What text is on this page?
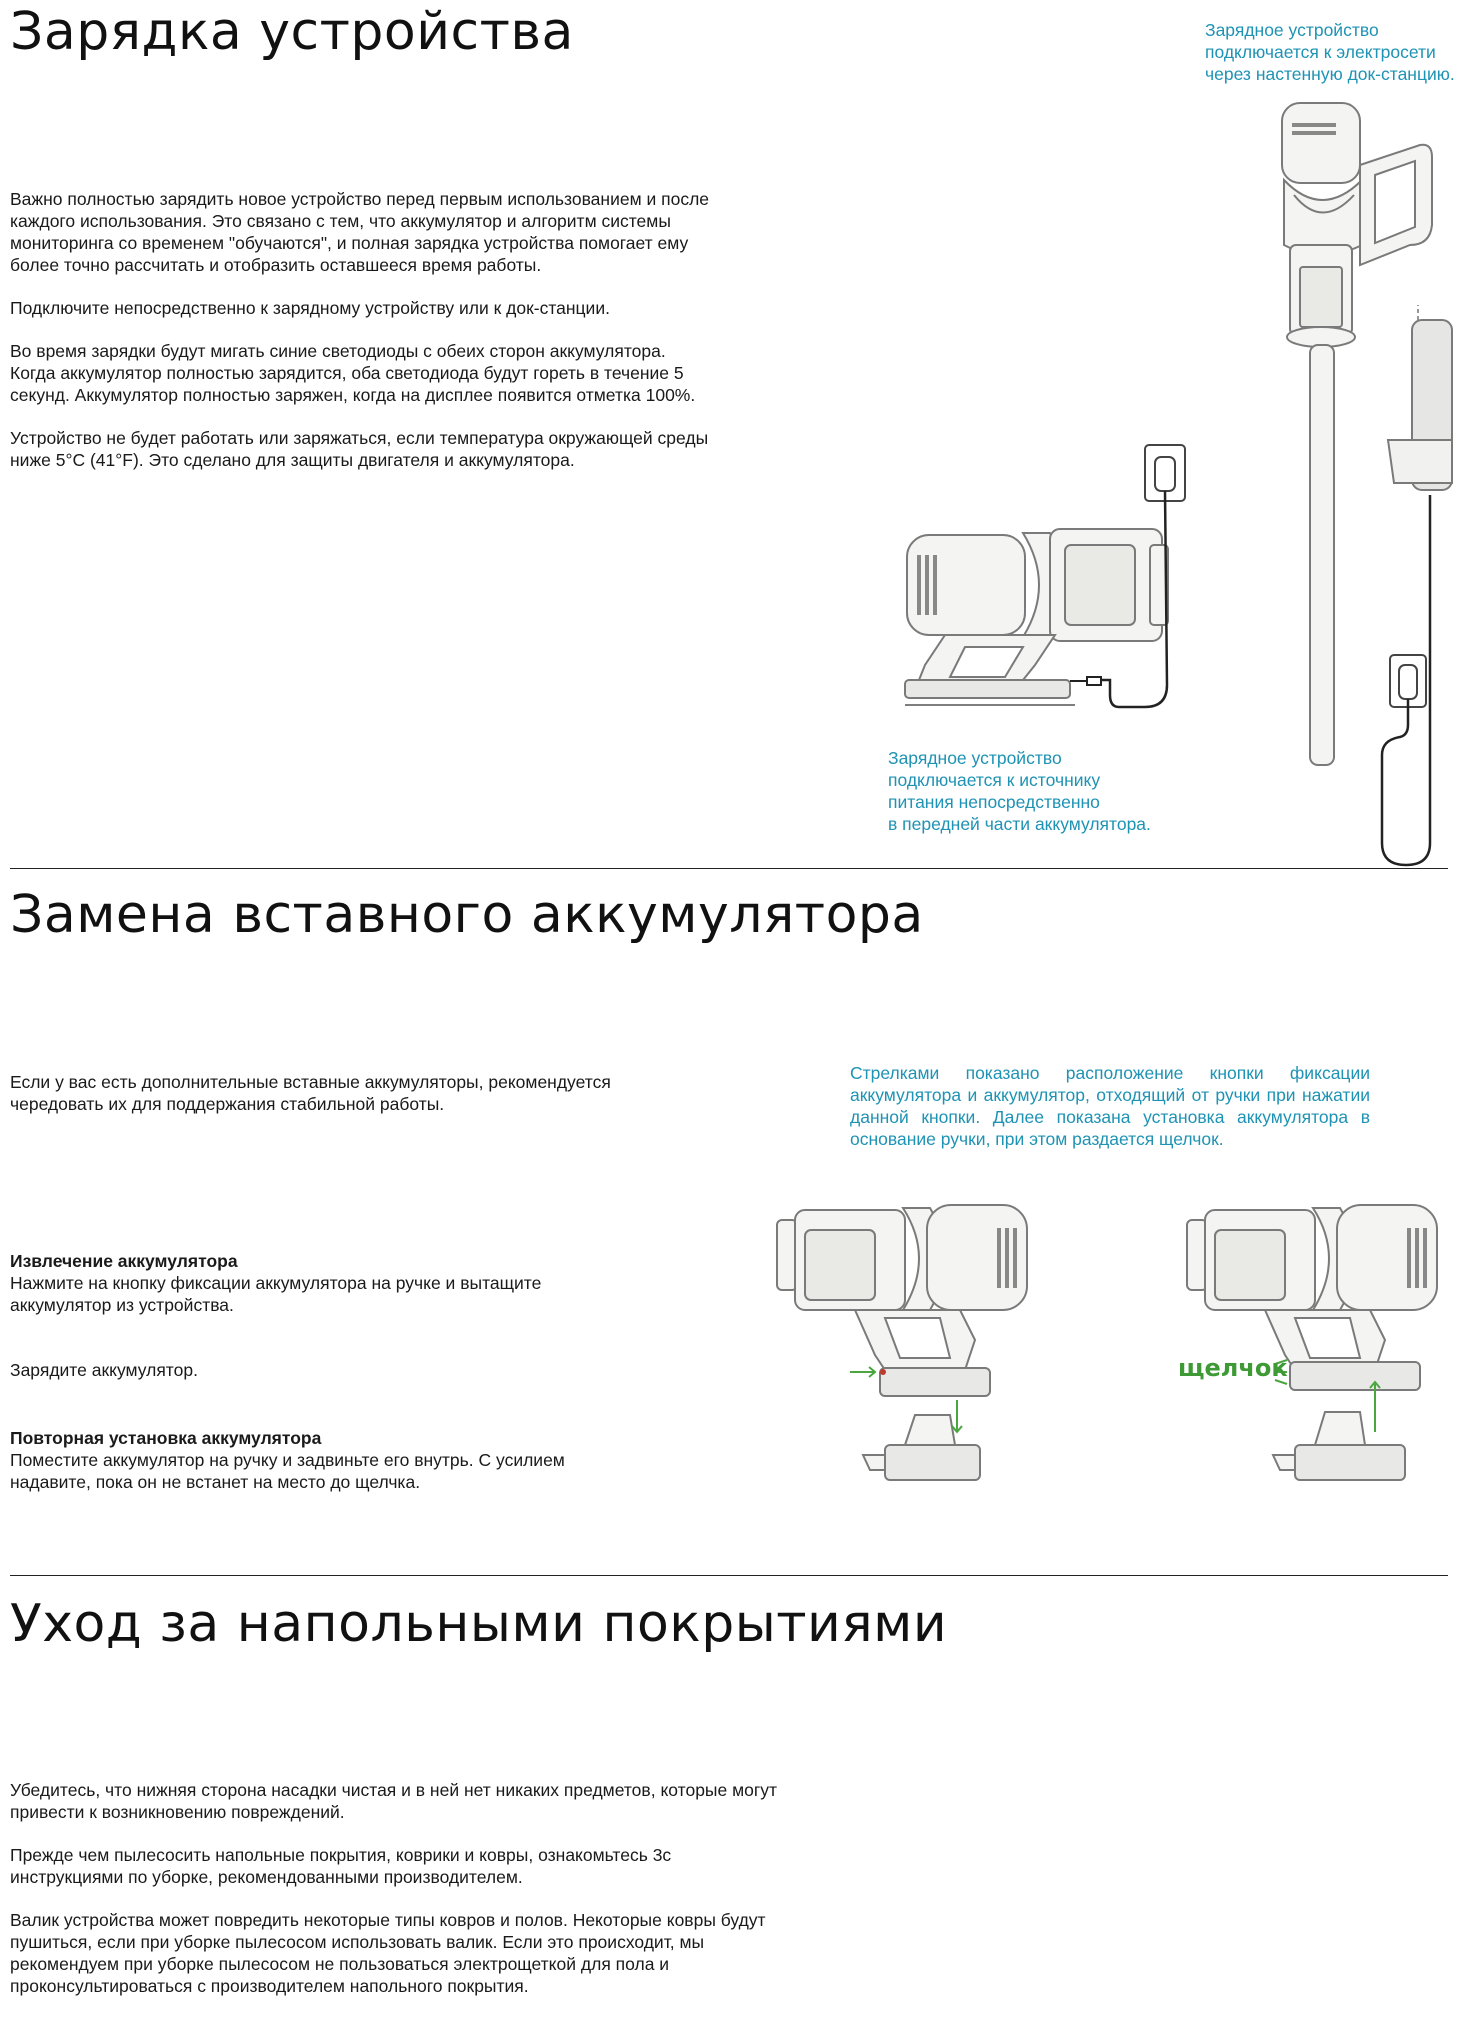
Зарядка устройства

Важно полностью зарядить новое устройство перед первым использованием и после каждого использования. Это связано с тем, что аккумулятор и алгоритм системы мониторинга со временем "обучаются", и полная зарядка устройства помогает ему более точно рассчитать и отобразить оставшееся время работы.

Подключите непосредственно к зарядному устройству или к док-станции.

Во время зарядки будут мигать синие светодиоды с обеих сторон аккумулятора. Когда аккумулятор полностью зарядится, оба светодиода будут гореть в течение 5 секунд. Аккумулятор полностью заряжен, когда на дисплее появится отметка 100%.

Устройство не будет работать или заряжаться, если температура окружающей среды ниже 5°C (41°F). Это сделано для защиты двигателя и аккумулятора.

Зарядное устройство
подключается к электросети
через настенную док-станцию.
Зарядное устройство
подключается к источнику
питания непосредственно
в передней части аккумулятора.
Замена вставного аккумулятора
Если у вас есть дополнительные вставные аккумуляторы, рекомендуется чередовать их для поддержания стабильной работы.
Стрелками показано расположение кнопки фиксации аккумулятора и аккумулятор, отходящий от ручки при нажатии данной кнопки. Далее показана установка аккумулятора в основание ручки, при этом раздается щелчок.
Извлечение аккумулятора
Нажмите на кнопку фиксации аккумулятора на ручке и вытащите аккумулятор из устройства.
Зарядите аккумулятор.
Повторная установка аккумулятора
Поместите аккумулятор на ручку и задвиньте его внутрь. С усилием надавите, пока он не встанет на место до щелчка.
щелчок
Уход за напольными покрытиями

Убедитесь, что нижняя сторона насадки чистая и в ней нет никаких предметов, которые могут привести к возникновению повреждений.

Прежде чем пылесосить напольные покрытия, коврики и ковры, ознакомьтесь 3с инструкциями по уборке, рекомендованными производителем.

Валик устройства может повредить некоторые типы ковров и полов. Некоторые ковры будут пушиться, если при уборке пылесосом использовать валик. Если это происходит, мы рекомендуем при уборке пылесосом не пользоваться электрощеткой для пола и проконсультироваться с производителем напольного покрытия.
